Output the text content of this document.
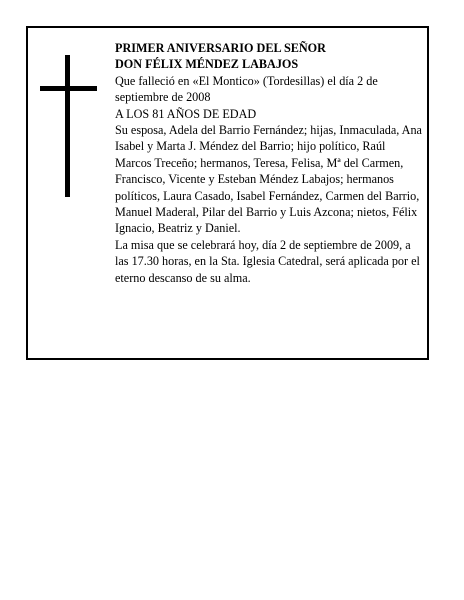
PRIMER ANIVERSARIO DEL SEÑOR

DON FÉLIX MÉNDEZ LABAJOS

Que falleció en «El Montico» (Tordesillas) el día 2 de septiembre de 2008

A LOS 81 AÑOS DE EDAD

Su esposa, Adela del Barrio Fernández; hijas, Inmaculada, Ana Isabel y Marta J. Méndez del Barrio; hijo político, Raúl Marcos Treceño; hermanos, Teresa, Felisa, Mª del Carmen, Francisco, Vicente y Esteban Méndez Labajos; hermanos políticos, Laura Casado, Isabel Fernández, Carmen del Barrio, Manuel Maderal, Pilar del Barrio y Luis Azcona; nietos, Félix Ignacio, Beatriz y Daniel.

La misa que se celebrará hoy, día 2 de septiembre de 2009, a las 17.30 horas, en la Sta. Iglesia Catedral, será aplicada por el eterno descanso de su alma.
